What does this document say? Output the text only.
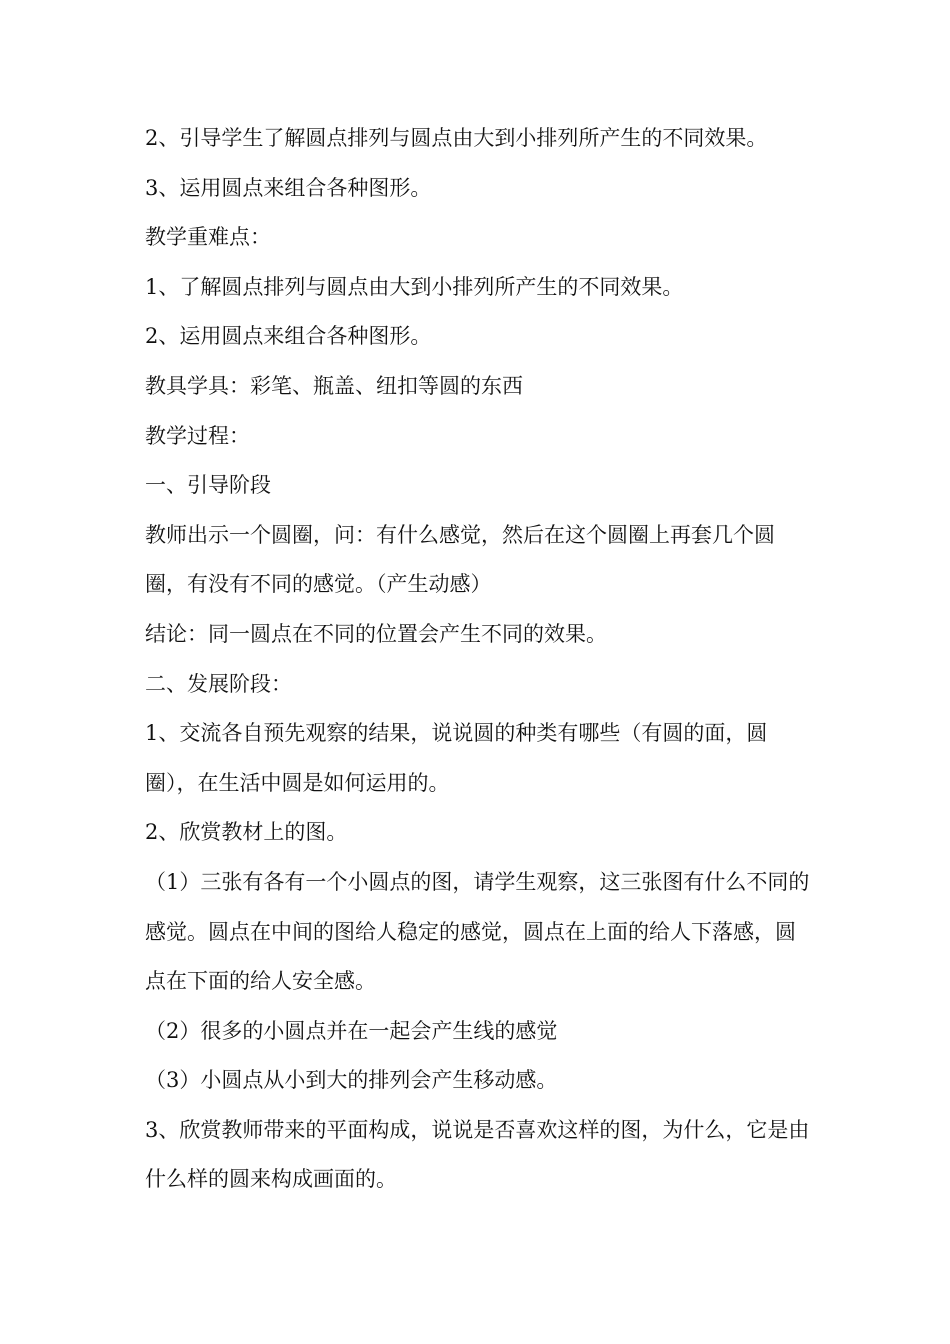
2、引导学生了解圆点排列与圆点由大到小排列所产生的不同效果。

3、运用圆点来组合各种图形。

教学重难点：

1、了解圆点排列与圆点由大到小排列所产生的不同效果。

2、运用圆点来组合各种图形。

教具学具：彩笔、瓶盖、纽扣等圆的东西

教学过程：

一、引导阶段

教师出示一个圆圈，问：有什么感觉，然后在这个圆圈上再套几个圆圈，有没有不同的感觉。（产生动感）

结论：同一圆点在不同的位置会产生不同的效果。

二、发展阶段：

1、交流各自预先观察的结果，说说圆的种类有哪些（有圆的面，圆圈），在生活中圆是如何运用的。

2、欣赏教材上的图。

（1）三张有各有一个小圆点的图，请学生观察，这三张图有什么不同的感觉。圆点在中间的图给人稳定的感觉，圆点在上面的给人下落感，圆点在下面的给人安全感。

（2）很多的小圆点并在一起会产生线的感觉

（3）小圆点从小到大的排列会产生移动感。

3、欣赏教师带来的平面构成，说说是否喜欢这样的图，为什么，它是由什么样的圆来构成画面的。
